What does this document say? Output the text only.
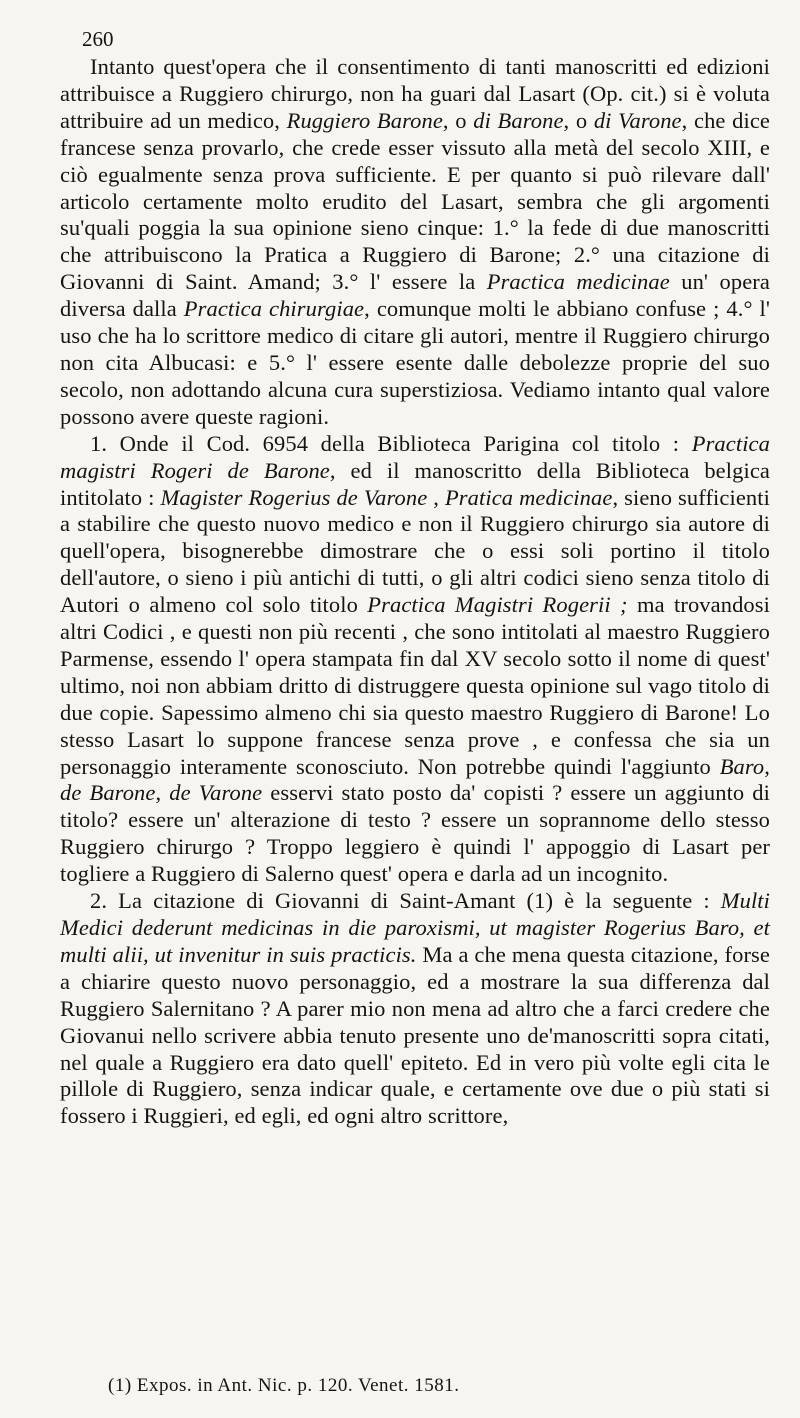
260

Intanto quest'opera che il consentimento di tanti manoscritti ed edizioni attribuisce a Ruggiero chirurgo, non ha guari dal Lasart (Op. cit.) si è voluta attribuire ad un medico, Ruggiero Barone, o di Barone, o di Varone, che dice francese senza provarlo, che crede esser vissuto alla metà del secolo XIII, e ciò egualmente senza prova sufficiente. E per quanto si può rilevare dall' articolo certamente molto erudito del Lasart, sembra che gli argomenti su'quali poggia la sua opinione sieno cinque: 1.° la fede di due manoscritti che attribuiscono la Pratica a Ruggiero di Barone; 2.° una citazione di Giovanni di Saint. Amand; 3.° l' essere la Practica medicinae un' opera diversa dalla Practica chirurgiae, comunque molti le abbiano confuse ; 4.° l' uso che ha lo scrittore medico di citare gli autori, mentre il Ruggiero chirurgo non cita Albucasi: e 5.° l' essere esente dalle debolezze proprie del suo secolo, non adottando alcuna cura superstiziosa. Vediamo intanto qual valore possono avere queste ragioni.

1. Onde il Cod. 6954 della Biblioteca Parigina col titolo : Practica magistri Rogeri de Barone, ed il manoscritto della Biblioteca belgica intitolato : Magister Rogerius de Varone , Pratica medicinae, sieno sufficienti a stabilire che questo nuovo medico e non il Ruggiero chirurgo sia autore di quell'opera, bisognerebbe dimostrare che o essi soli portino il titolo dell'autore, o sieno i più antichi di tutti, o gli altri codici sieno senza titolo di Autori o almeno col solo titolo Practica Magistri Rogerii ; ma trovandosi altri Codici , e questi non più recenti , che sono intitolati al maestro Ruggiero Parmense, essendo l' opera stampata fin dal XV secolo sotto il nome di quest' ultimo, noi non abbiam dritto di distruggere questa opinione sul vago titolo di due copie. Sapessimo almeno chi sia questo maestro Ruggiero di Barone! Lo stesso Lasart lo suppone francese senza prove , e confessa che sia un personaggio interamente sconosciuto. Non potrebbe quindi l'aggiunto Baro, de Barone, de Varone esservi stato posto da' copisti ? essere un aggiunto di titolo? essere un' alterazione di testo ? essere un soprannome dello stesso Ruggiero chirurgo ? Troppo leggiero è quindi l' appoggio di Lasart per togliere a Ruggiero di Salerno quest' opera e darla ad un incognito.

2. La citazione di Giovanni di Saint-Amant (1) è la seguente : Multi Medici dederunt medicinas in die paroxismi, ut magister Rogerius Baro, et multi alii, ut invenitur in suis practicis. Ma a che mena questa citazione, forse a chiarire questo nuovo personaggio, ed a mostrare la sua differenza dal Ruggiero Salernitano ? A parer mio non mena ad altro che a farci credere che Giovanui nello scrivere abbia tenuto presente uno de'manoscritti sopra citati, nel quale a Ruggiero era dato quell' epiteto. Ed in vero più volte egli cita le pillole di Ruggiero, senza indicar quale, e certamente ove due o più stati si fossero i Ruggieri, ed egli, ed ogni altro scrittore,

(1) Expos. in Ant. Nic. p. 120. Venet. 1581.
